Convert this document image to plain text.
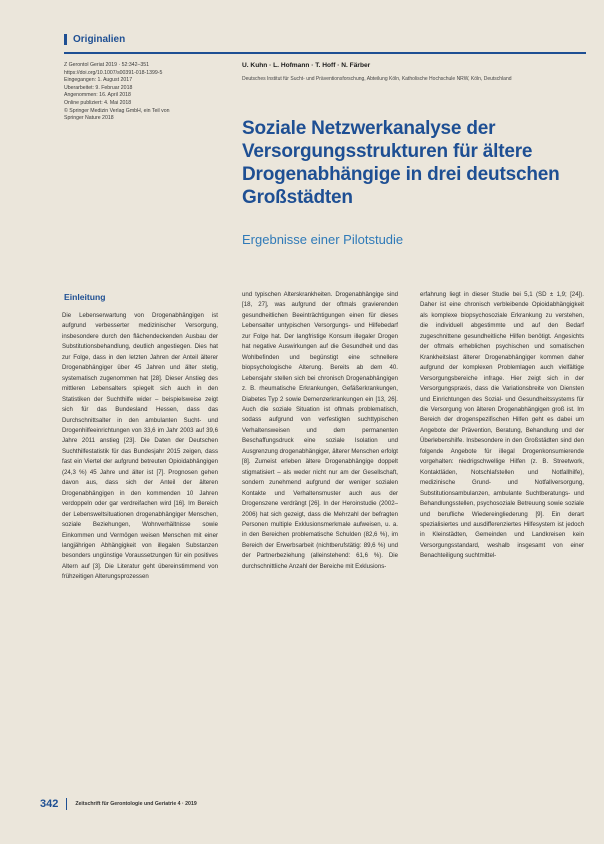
Originalien
Z Gerontol Geriat 2019 · 52:342–351
https://doi.org/10.1007/s00391-018-1399-5
Eingegangen: 1. August 2017
Überarbeitet: 9. Februar 2018
Angenommen: 16. April 2018
Online publiziert: 4. Mai 2018
© Springer Medizin Verlag GmbH, ein Teil von
Springer Nature 2018
U. Kuhn · L. Hofmann · T. Hoff · N. Färber
Deutsches Institut für Sucht- und Präventionsforschung, Abteilung Köln, Katholische Hochschule NRW, Köln, Deutschland
Soziale Netzwerkanalyse der Versorgungsstrukturen für ältere Drogenabhängige in drei deutschen Großstädten
Ergebnisse einer Pilotstudie
Einleitung

Die Lebenserwartung von Drogenabhängigen ist aufgrund verbesserter medizinischer Versorgung, insbesondere durch den flächendeckenden Ausbau der Substitutionsbehandlung, deutlich angestiegen. Dies hat zur Folge, dass in den letzten Jahren der Anteil älterer Drogenabhängiger über 45 Jahren und älter stetig, systematisch zugenommen hat [28]. Dieser Anstieg des mittleren Lebensalters spiegelt sich auch in den Statistiken der Suchthilfe wider – beispielsweise zeigt sich für das Bundesland Hessen, dass das Durchschnittsalter in den ambulanten Sucht- und Drogenhilfeeinrichtungen von 33,6 im Jahr 2003 auf 39,6 Jahre 2011 anstieg [23]. Die Daten der Deutschen Suchthilfestatistik für das Bundesjahr 2015 zeigen, dass fast ein Viertel der aufgrund betreuten Opioidabhängigen (24,3 %) 45 Jahre und älter ist [7]. Prognosen gehen davon aus, dass sich der Anteil der älteren Drogenabhängigen in den kommenden 10 Jahren verdoppeln oder gar verdreifachen wird [16]. Im Bereich der Lebensweltsituationen drogenabhängiger Menschen, soziale Beziehungen, Wohnverhältnisse sowie Einkommen und Vermögen weisen Menschen mit einer langjährigen Abhängigkeit von illegalen Substanzen besonders ungünstige Voraussetzungen für ein positives Altern auf [3]. Die Literatur geht übereinstimmend von frühzeitigen Alterungsprozessen

und typischen Alterskrankheiten. Drogenabhängige sind [18, 27], was aufgrund der oftmals gravierenden gesundheitlichen Beeinträchtigungen einen für dieses Lebensalter untypischen Versorgungs- und Hilfebedarf zur Folge hat. Der langfristige Konsum illegaler Drogen hat negative Auswirkungen auf die Gesundheit und das Wohlbefinden und begünstigt eine schnellere biopsychologische Alterung. Bereits ab dem 40. Lebensjahr stellen sich bei chronisch Drogenabhängigen z. B. rheumatische Erkrankungen, Gefäßerkrankungen, Diabetes Typ 2 sowie Demenzerkrankungen ein [13, 26]. Auch die soziale Situation ist oftmals problematisch, sodass aufgrund von verfestigten suchttypischen Verhaltensweisen und dem permanenten Beschaffungsdruck eine soziale Isolation und Ausgrenzung drogenabhängiger, älterer Menschen erfolgt [8]. Zumeist erleben ältere Drogenabhängige doppelt stigmatisiert – als weder nicht nur am der Gesellschaft, sondern zunehmend aufgrund der weniger sozialen Kontakte und Verhaltensmuster auch aus der Drogenszene verdrängt [26]. In der Heroinstudie (2002–2006) hat sich gezeigt, dass die Mehrzahl der befragten Personen multiple Exklusionsmerkmale aufweisen, u. a. in den Bereichen problematische Schulden (82,6 %), im Bereich der Erwerbsarbeit (nichtberufstätig: 89,6 %) und der Partnerbeziehung (alleinstehend: 61,6 %). Die durchschnittliche Anzahl der Bereiche mit Exklusions-

erfahrung liegt in dieser Studie bei 5,1 (SD ± 1,9; [24]). Daher ist eine chronisch verbleibende Opioidabhängigkeit als komplexe biopsychosoziale Erkrankung zu verstehen, die individuell abgestimmte und auf den Bedarf zugeschnittene gesundheitliche Hilfen benötigt. Angesichts der oftmals erheblichen psychischen und somatischen Krankheitslast älterer Drogenabhängiger kommen daher aufgrund der komplexen Problemlagen auch vielfältige Versorgungsbereiche infrage. Hier zeigt sich in der Versorgungspraxis, dass die Variationsbreite von Diensten und Einrichtungen des Sozial- und Gesundheitssystems für die Versorgung von älteren Drogenabhängigen groß ist. Im Bereich der drogenspezifischen Hilfen geht es dabei um Angebote der Prävention, Beratung, Behandlung und der Überlebenshilfe. Insbesondere in den Großstädten sind den folgende Angebote für illegal Drogenkonsumierende vorgehalten: niedrigschwellige Hilfen (z. B. Streetwork, Kontaktläden, Notschlafstellen und Notfallhilfe), medizinische Grund- und Notfallversorgung, Substitutionsambulanzen, ambulante Suchtberatungs- und Behandlungsstellen, psychosoziale Betreuung sowie soziale und berufliche Wiedereingliederung [9]. Ein derart spezialisiertes und ausdifferenziertes Hilfesystem ist jedoch in Kleinstädten, Gemeinden und Landkreisen kein Versorgungsstandard, weshalb insgesamt von einer Benachteiligung suchtmittel-

342	Zeitschrift für Gerontologie und Geriatrie 4 · 2019
